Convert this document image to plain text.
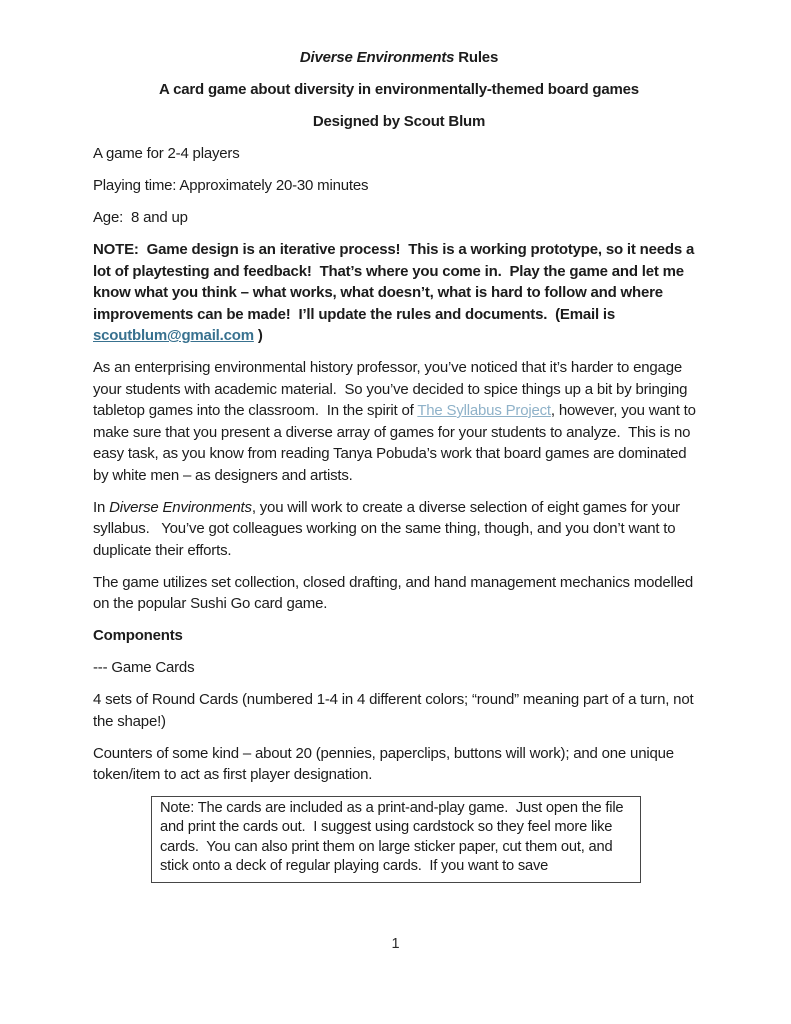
Diverse Environments Rules

A card game about diversity in environmentally-themed board games

Designed by Scout Blum

A game for 2-4 players

Playing time: Approximately 20-30 minutes

Age:  8 and up

NOTE:  Game design is an iterative process!  This is a working prototype, so it needs a lot of playtesting and feedback!  That’s where you come in.  Play the game and let me know what you think – what works, what doesn’t, what is hard to follow and where improvements can be made!  I’ll update the rules and documents.  (Email is scoutblum@gmail.com )

As an enterprising environmental history professor, you’ve noticed that it’s harder to engage your students with academic material.  So you’ve decided to spice things up a bit by bringing tabletop games into the classroom.  In the spirit of The Syllabus Project, however, you want to make sure that you present a diverse array of games for your students to analyze.  This is no easy task, as you know from reading Tanya Pobuda’s work that board games are dominated by white men – as designers and artists.

In Diverse Environments, you will work to create a diverse selection of eight games for your syllabus.   You’ve got colleagues working on the same thing, though, and you don’t want to duplicate their efforts.

The game utilizes set collection, closed drafting, and hand management mechanics modelled on the popular Sushi Go card game.

Components

--- Game Cards

4 sets of Round Cards (numbered 1-4 in 4 different colors; “round” meaning part of a turn, not the shape!)

Counters of some kind – about 20 (pennies, paperclips, buttons will work); and one unique token/item to act as first player designation.

Note: The cards are included as a print-and-play game.  Just open the file and print the cards out.  I suggest using cardstock so they feel more like cards.  You can also print them on large sticker paper, cut them out, and stick onto a deck of regular playing cards.  If you want to save

1
